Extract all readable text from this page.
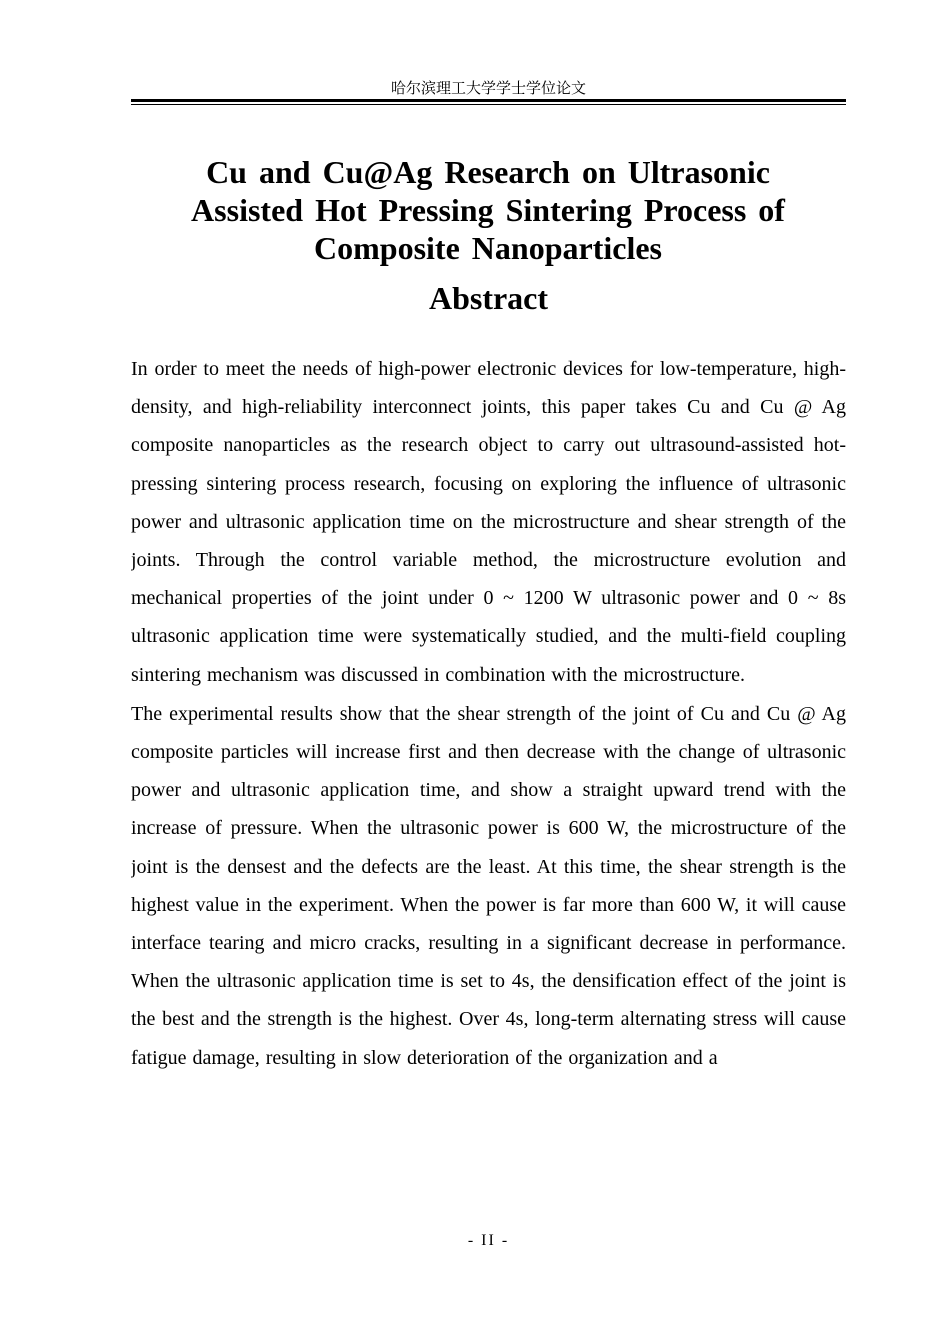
哈尔滨理工大学学士学位论文
Cu and Cu@Ag Research on Ultrasonic Assisted Hot Pressing Sintering Process of Composite Nanoparticles
Abstract

In order to meet the needs of high-power electronic devices for low-temperature, high-density, and high-reliability interconnect joints, this paper takes Cu and Cu @ Ag composite nanoparticles as the research object to carry out ultrasound-assisted hot-pressing sintering process research, focusing on exploring the influence of ultrasonic power and ultrasonic application time on the microstructure and shear strength of the joints. Through the control variable method, the microstructure evolution and mechanical properties of the joint under 0 ~ 1200 W ultrasonic power and 0 ~ 8s ultrasonic application time were systematically studied, and the multi-field coupling sintering mechanism was discussed in combination with the microstructure.

The experimental results show that the shear strength of the joint of Cu and Cu @ Ag composite particles will increase first and then decrease with the change of ultrasonic power and ultrasonic application time, and show a straight upward trend with the increase of pressure. When the ultrasonic power is 600 W, the microstructure of the joint is the densest and the defects are the least. At this time, the shear strength is the highest value in the experiment. When the power is far more than 600 W, it will cause interface tearing and micro cracks, resulting in a significant decrease in performance. When the ultrasonic application time is set to 4s, the densification effect of the joint is the best and the strength is the highest. Over 4s, long-term alternating stress will cause fatigue damage, resulting in slow deterioration of the organization and a

- II -
